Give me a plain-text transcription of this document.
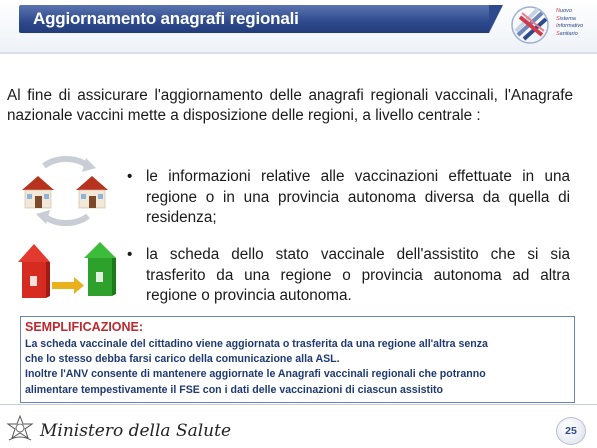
Aggiornamento anagrafi regionali	Nuovo
Sistema
Informativo
Sanitario
Al fine di assicurare l'aggiornamento delle anagrafi regionali vaccinali, l'Anagrafe nazionale vaccini mette a disposizione delle regioni, a livello centrale :
• le informazioni relative alle vaccinazioni effettuate in una regione o in una provincia autonoma diversa da quella di residenza;
• la scheda dello stato vaccinale dell'assistito che si sia trasferito da una regione o provincia autonoma ad altra regione o provincia autonoma.
SEMPLIFICAZIONE:
La scheda vaccinale del cittadino viene aggiornata o trasferita da una regione all'altra senza
che lo stesso debba farsi carico della comunicazione alla ASL.
Inoltre l'ANV consente di mantenere aggiornate le Anagrafi vaccinali regionali che potranno
alimentare tempestivamente il FSE con i dati delle vaccinazioni di ciascun assistito
Ministero della Salute	25
